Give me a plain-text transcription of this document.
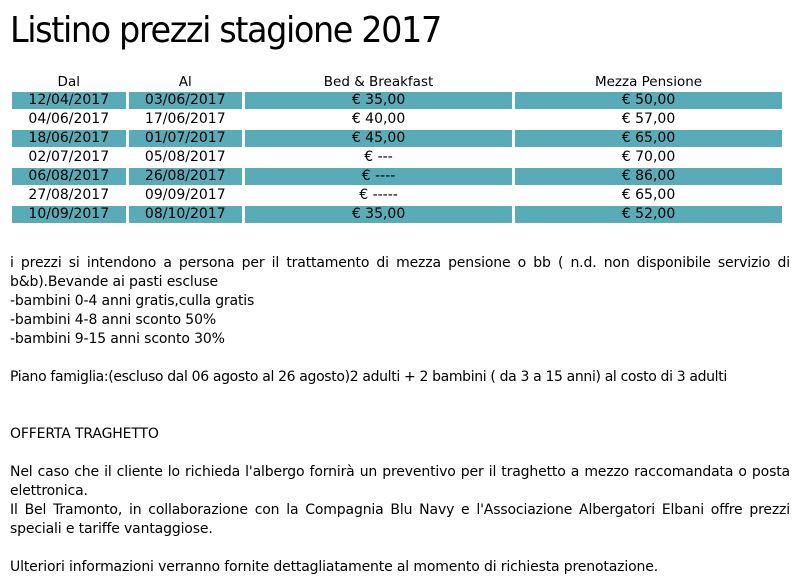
Listino prezzi stagione 2017
Dal	Al	Bed & Breakfast	Mezza Pensione
12/04/2017	03/06/2017	€ 35,00	€ 50,00
04/06/2017	17/06/2017	€ 40,00	€ 57,00
18/06/2017	01/07/2017	€ 45,00	€ 65,00
02/07/2017	05/08/2017	€ ---	€ 70,00
06/08/2017	26/08/2017	€ ----	€ 86,00
27/08/2017	09/09/2017	€ -----	€ 65,00
10/09/2017	08/10/2017	€ 35,00	€ 52,00

i prezzi si intendono a persona per il trattamento di mezza pensione o bb ( n.d. non disponibile servizio di b&b).Bevande ai pasti escluse

-bambini 0-4 anni gratis,culla gratis

-bambini 4-8 anni sconto 50%

-bambini 9-15 anni sconto 30%

Piano famiglia:(escluso dal 06 agosto al 26 agosto)2 adulti + 2 bambini ( da 3 a 15 anni) al costo di 3 adulti

OFFERTA TRAGHETTO

Nel caso che il cliente lo richieda l'albergo fornirà un preventivo per il traghetto a mezzo raccomandata o posta elettronica.

Il Bel Tramonto, in collaborazione con la Compagnia Blu Navy e l'Associazione Albergatori Elbani offre prezzi speciali e tariffe vantaggiose.

Ulteriori informazioni verranno fornite dettagliatamente al momento di richiesta prenotazione.
